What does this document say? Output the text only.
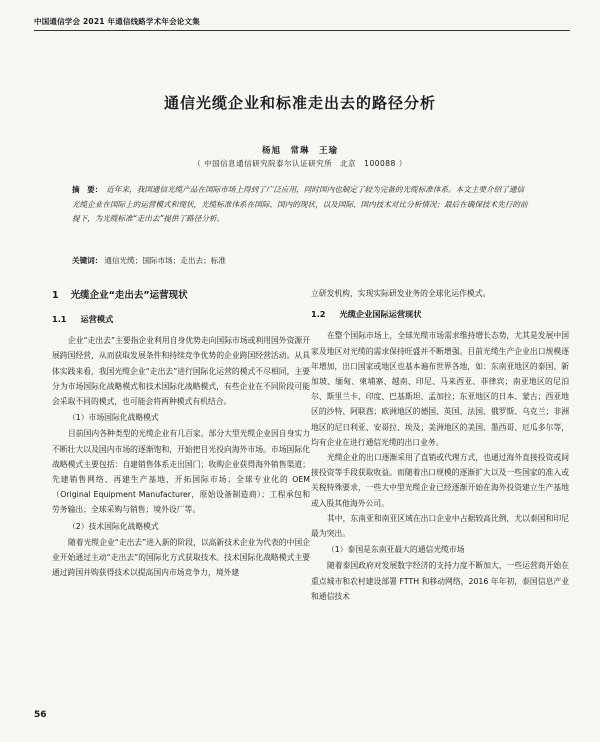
中国通信学会 2021 年通信线路学术年会论文集
通信光缆企业和标准走出去的路径分析
杨旭　常琳　王瑜
（ 中国信息通信研究院泰尔认证研究所　北京　100088 ）
摘　要： 近年来，我国通信光缆产品在国际市场上得到了广泛应用，同时国内也制定了较为完备的光缆标准体系。本文主要介绍了通信光缆企业在国际上的运营模式和现状，光缆标准体系在国际、国内的现状，以及国际、国内技术对比分析情况；最后在确保技术先行的前提下，为光缆标准“走出去”提供了路径分析。
关键词： 通信光缆；国际市场；走出去；标准
1 光缆企业“走出去”运营现状
1.1 运营模式

企业“走出去”主要指企业利用自身优势走向国际市场或利用国外资源开展跨国经营，从而获取发展条件和持续竞争优势的企业跨国经营活动。从具体实践来看，我国光缆企业“走出去”进行国际化运营的模式不尽相同，主要分为市场国际化战略模式和技术国际化战略模式，有些企业在不同阶段可能会采取不同的模式，也可能会将两种模式有机结合。

（1）市场国际化战略模式

目前国内各种类型的光缆企业有几百家，部分大型光缆企业因自身实力不断壮大以及国内市场的逐渐饱和，开始把目光投向海外市场。市场国际化战略模式主要包括：自建销售体系走出国门；收购企业获得海外销售渠道；先建销售网络、再建生产基地，开拓国际市场；全球专业化的 OEM（Original Equipment Manufacturer，原始设备制造商）；工程承包和劳务输出；全球采购与销售；境外设厂等。

（2）技术国际化战略模式

随着光缆企业“走出去”进入新的阶段，以高新技术企业为代表的中国企业开始通过主动“走出去”的国际化方式获取技术。技术国际化战略模式主要通过跨国并购获得技术以提高国内市场竞争力，境外建

立研发机构，实现实际研发业务的全球化运作模式。

1.2 光缆企业国际运营现状

在整个国际市场上，全球光缆市场需求维持增长态势，尤其是发展中国家及地区对光缆的需求保持旺盛并不断增强。目前光缆生产企业出口规模逐年增加，出口国家或地区也基本遍布世界各地，如：东南亚地区的泰国、新加坡、缅甸、柬埔寨、越南、印尼、马来西亚、菲律宾；南亚地区的尼泊尔、斯里兰卡、印度、巴基斯坦、孟加拉；东亚地区的日本、蒙古；西亚地区的沙特、阿联酋；欧洲地区的德国、英国、法国、俄罗斯、乌克兰；非洲地区的尼日利亚、安哥拉、埃及；美洲地区的美国、墨西哥、厄瓜多尔等，均有企业在进行通信光缆的出口业务。

光缆企业的出口逐渐采用了直销或代理方式，也通过海外直接投资或间接投资等手段获取收益。而随着出口规模的逐渐扩大以及一些国家的准入或关税特殊要求，一些大中型光缆企业已经逐渐开始在海外投资建立生产基地或入股其他海外公司。

其中，东南亚和南亚区域在出口企业中占据较高比例，尤以泰国和印尼最为突出。

（1）泰国是东南亚最大的通信光缆市场

随着泰国政府对发展数字经济的支持力度不断加大，一些运营商开始在重点城市和农村建设部署 FTTH 和移动网络，2016 年年初，泰国信息产业和通信技术

56
